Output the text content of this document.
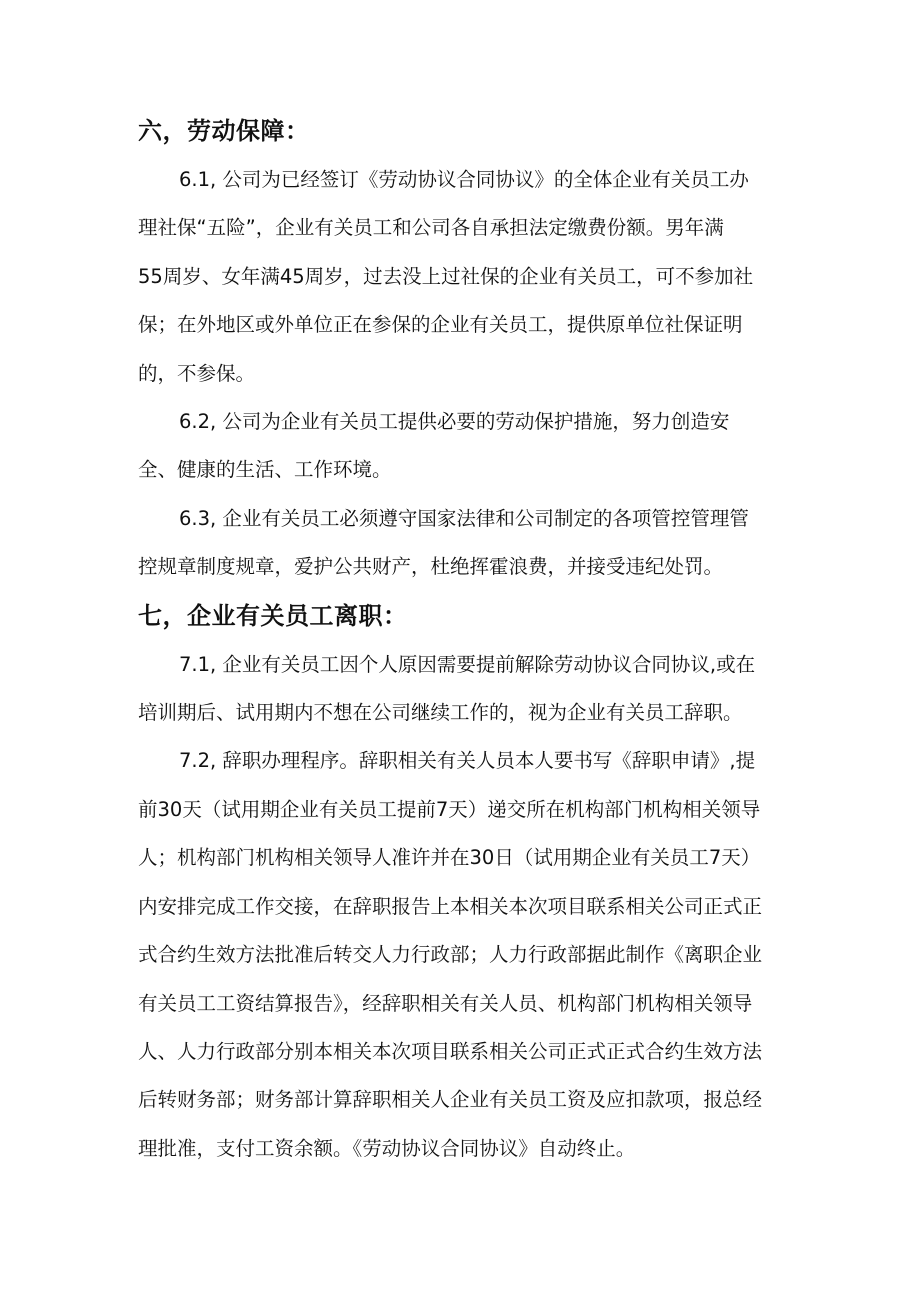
六，劳动保障：
6.1, 公司为已经签订《劳动协议合同协议》的全体企业有关员工办
理社保“五险”，企业有关员工和公司各自承担法定缴费份额。男年满
55周岁、女年满45周岁，过去没上过社保的企业有关员工，可不参加社
保；在外地区或外单位正在参保的企业有关员工，提供原单位社保证明
的，不参保。
6.2, 公司为企业有关员工提供必要的劳动保护措施，努力创造安
全、健康的生活、工作环境。
6.3, 企业有关员工必须遵守国家法律和公司制定的各项管控管理管
控规章制度规章，爱护公共财产，杜绝挥霍浪费，并接受违纪处罚。
七，企业有关员工离职：
7.1, 企业有关员工因个人原因需要提前解除劳动协议合同协议,或在
培训期后、试用期内不想在公司继续工作的，视为企业有关员工辞职。
7.2, 辞职办理程序。辞职相关有关人员本人要书写《辞职申请》,提
前30天（试用期企业有关员工提前7天）递交所在机构部门机构相关领导
人；机构部门机构相关领导人准许并在30日（试用期企业有关员工7天）
内安排完成工作交接，在辞职报告上本相关本次项目联系相关公司正式正
式合约生效方法批准后转交人力行政部；人力行政部据此制作《离职企业
有关员工工资结算报告》，经辞职相关有关人员、机构部门机构相关领导
人、人力行政部分别本相关本次项目联系相关公司正式正式合约生效方法
后转财务部；财务部计算辞职相关人企业有关员工资及应扣款项，报总经
理批准，支付工资余额。《劳动协议合同协议》自动终止。
